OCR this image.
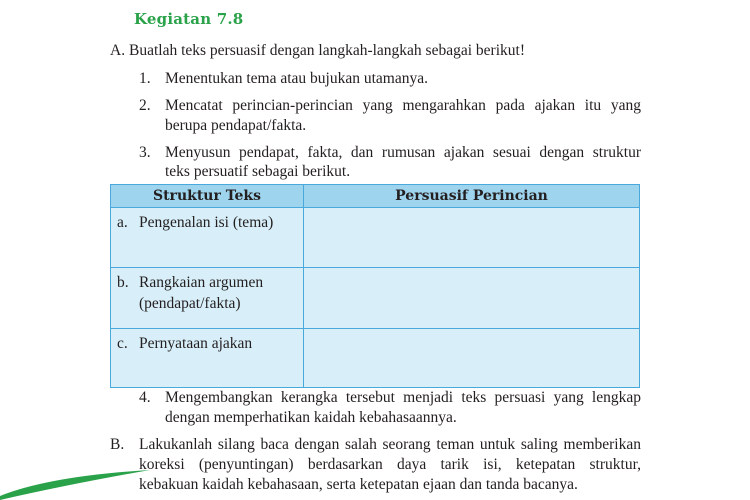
Kegiatan 7.8
A. Buatlah teks persuasif dengan langkah-langkah sebagai berikut!
1. Menentukan tema atau bujukan utamanya.
2. Mencatat perincian-perincian yang mengarahkan pada ajakan itu yang
berupa pendapat/fakta.
3. Menyusun pendapat, fakta, dan rumusan ajakan sesuai dengan struktur
teks persuatif sebagai berikut.
Struktur Teks	Persuasif Perincian
a. Pengenalan isi (tema)	
b. Rangkaian argumen
(pendapat/fakta)	
c. Pernyataan ajakan	
4. Mengembangkan kerangka tersebut menjadi teks persuasi yang lengkap
dengan memperhatikan kaidah kebahasaannya.
B. Lakukanlah silang baca dengan salah seorang teman untuk saling memberikan
koreksi (penyuntingan) berdasarkan daya tarik isi, ketepatan struktur,
kebakuan kaidah kebahasaan, serta ketepatan ejaan dan tanda bacanya.
